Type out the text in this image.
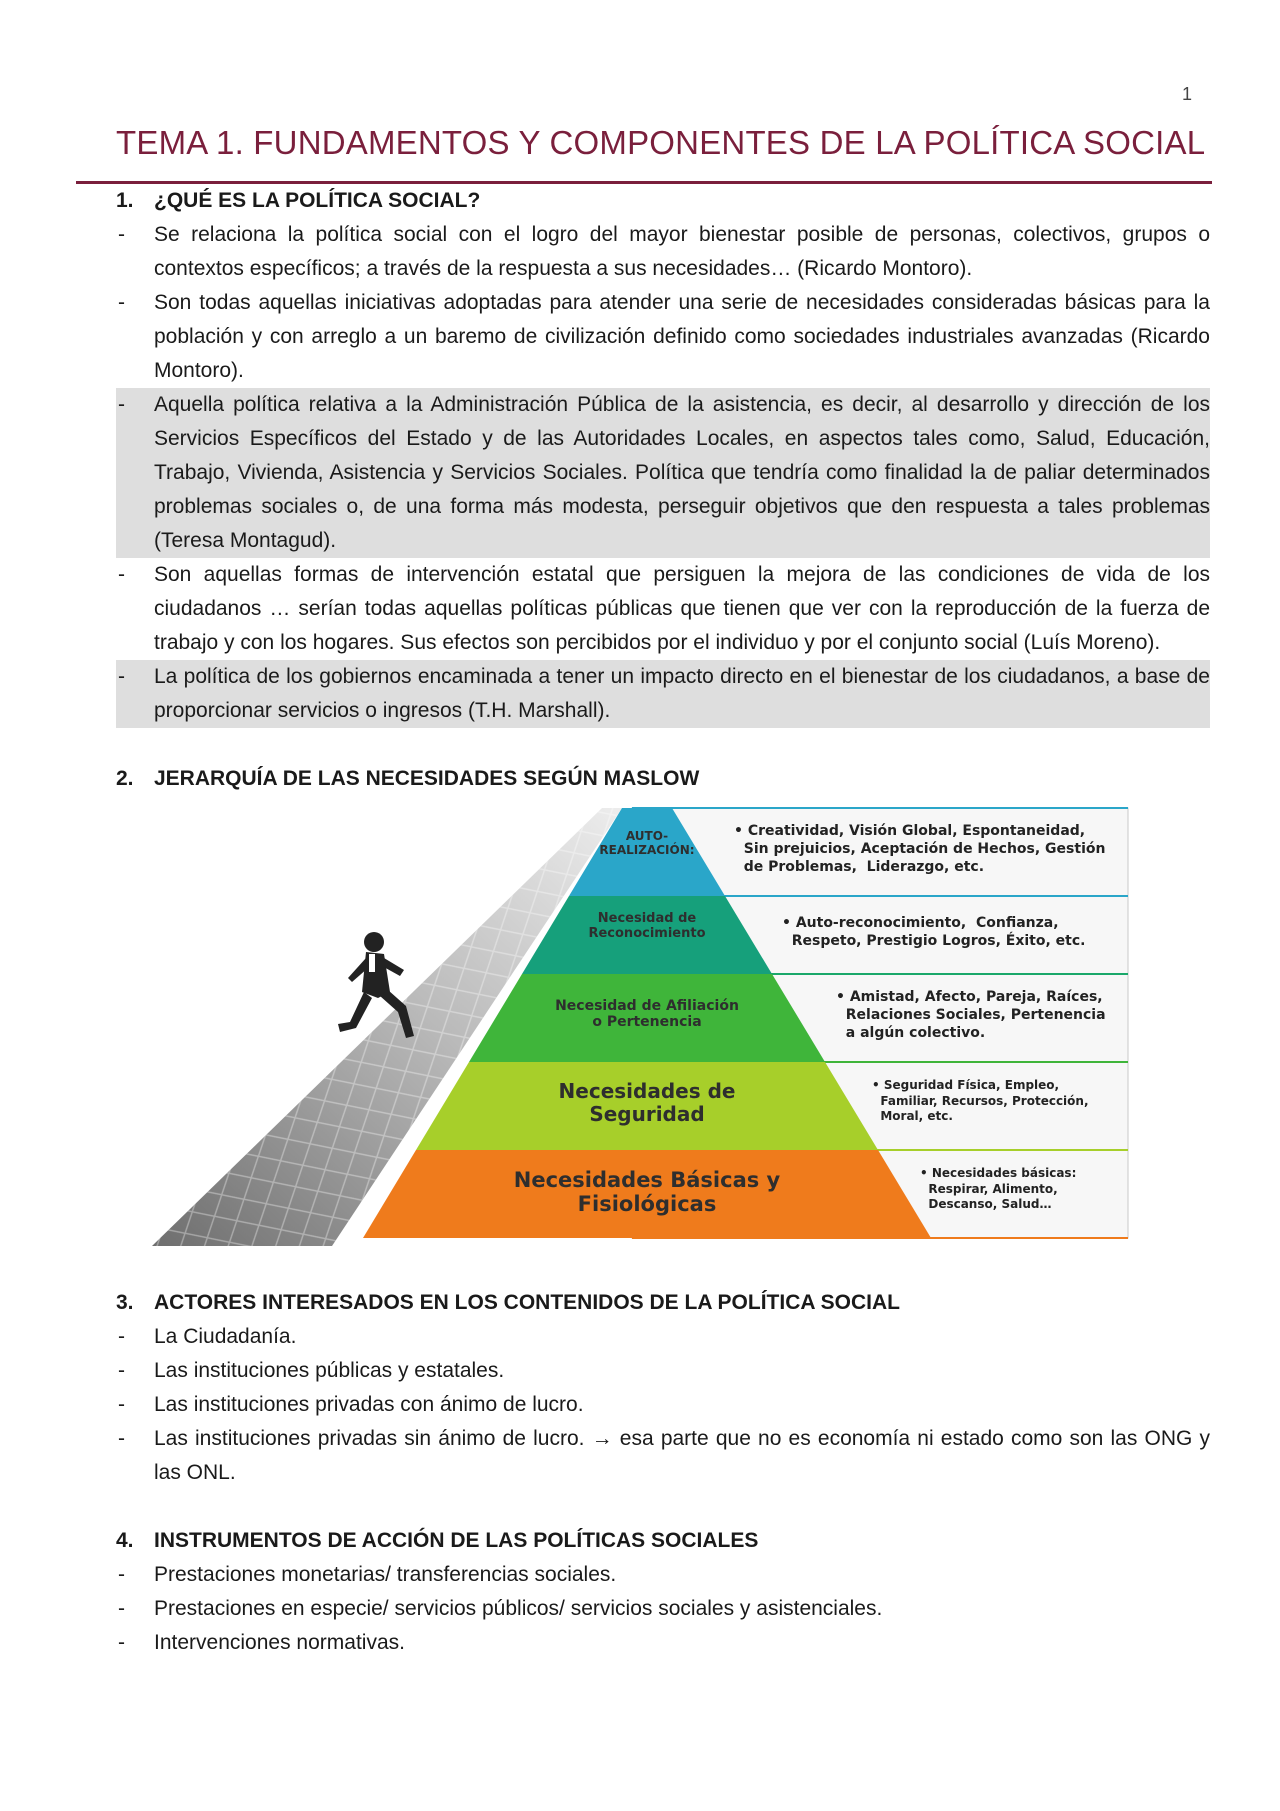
1
TEMA 1. FUNDAMENTOS Y COMPONENTES DE LA POLÍTICA SOCIAL
1. ¿QUÉ ES LA POLÍTICA SOCIAL?
-	Se relaciona la política social con el logro del mayor bienestar posible de personas, colectivos, grupos o contextos específicos; a través de la respuesta a sus necesidades… (Ricardo Montoro).
-	Son todas aquellas iniciativas adoptadas para atender una serie de necesidades consideradas básicas para la población y con arreglo a un baremo de civilización definido como sociedades industriales avanzadas (Ricardo Montoro).
-	Aquella política relativa a la Administración Pública de la asistencia, es decir, al desarrollo y dirección de los Servicios Específicos del Estado y de las Autoridades Locales, en aspectos tales como, Salud, Educación, Trabajo, Vivienda, Asistencia y Servicios Sociales. Política que tendría como finalidad la de paliar determinados problemas sociales o, de una forma más modesta, perseguir objetivos que den respuesta a tales problemas (Teresa Montagud).
-	Son aquellas formas de intervención estatal que persiguen la mejora de las condiciones de vida de los ciudadanos … serían todas aquellas políticas públicas que tienen que ver con la reproducción de la fuerza de trabajo y con los hogares. Sus efectos son percibidos por el individuo y por el conjunto social (Luís Moreno).
-	La política de los gobiernos encaminada a tener un impacto directo en el bienestar de los ciudadanos, a base de proporcionar servicios o ingresos (T.H. Marshall).
2. JERARQUÍA DE LAS NECESIDADES SEGÚN MASLOW
AUTO-
REALIZACIÓN:
Necesidad de
Reconocimiento
Necesidad de Afiliación
o Pertenencia
Necesidades de
Seguridad
Necesidades Básicas y
Fisiológicas
• Creatividad, Visión Global, Espontaneidad,
Sin prejuicios, Aceptación de Hechos, Gestión
de Problemas,  Liderazgo, etc.
• Auto-reconocimiento,  Confianza,
Respeto, Prestigio Logros, Éxito, etc.
• Amistad, Afecto, Pareja, Raíces,
Relaciones Sociales, Pertenencia
a algún colectivo.
• Seguridad Física, Empleo,
Familiar, Recursos, Protección,
Moral, etc.
• Necesidades básicas:
Respirar, Alimento,
Descanso, Salud…
3. ACTORES INTERESADOS EN LOS CONTENIDOS DE LA POLÍTICA SOCIAL
-	La Ciudadanía.
-	Las instituciones públicas y estatales.
-	Las instituciones privadas con ánimo de lucro.
-	Las instituciones privadas sin ánimo de lucro. → esa parte que no es economía ni estado como son las ONG y las ONL.
4. INSTRUMENTOS DE ACCIÓN DE LAS POLÍTICAS SOCIALES
-	Prestaciones monetarias/ transferencias sociales.
-	Prestaciones en especie/ servicios públicos/ servicios sociales y asistenciales.
-	Intervenciones normativas.
